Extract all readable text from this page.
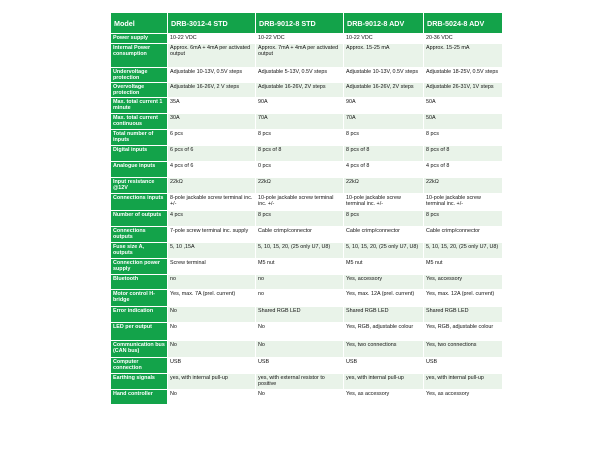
Model	DRB-3012-4 STD	DRB-9012-8 STD	DRB-9012-8 ADV	DRB-5024-8 ADV
Power supply	10-22 VDC	10-22 VDC	10-22 VDC	20-36 VDC
Internal Power consumption	Approx. 6mA + 4mA per activated output	Approx. 7mA + 4mA per activated output	Approx. 15-25 mA	Approx. 15-25 mA
Undervoltage protection	Adjustable 10-13V, 0.5V steps	Adjustable 5-13V, 0.5V steps	Adjustable 10-13V, 0.5V steps	Adjustable 18-25V, 0.5V steps
Overvoltage protection	Adjustable 16-26V, 2 V steps	Adjustable 16-26V, 2V steps	Adjustable 16-26V, 2V steps	Adjustable 26-31V, 1V steps
Max. total current 1 minute	35A	90A	90A	50A
Max. total current continuous	30A	70A	70A	50A
Total number of inputs	6 pcs	8 pcs	8 pcs	8 pcs
Digital inputs	6 pcs of 6	8 pcs of 8	8 pcs of 8	8 pcs of 8
Analogue inputs	4 pcs of 6	0 pcs	4 pcs of 8	4 pcs of 8
Input resistance @12V	22kΩ	22kΩ	22kΩ	22kΩ
Connections inputs	8-pole jackable screw terminal inc. +/-	10-pole jackable screw terminal inc. +/-	10-pole jackable screw terminal inc. +/-	10-pole jackable screw terminal inc. +/-
Number of outputs	4 pcs	8 pcs	8 pcs	8 pcs
Connections outputs	7-pole screw terminal inc. supply	Cable crimp/connector	Cable crimp/connector	Cable crimp/connector
Fuse size A, outputs	5, 10 ,15A	5, 10, 15, 20, (25 only U7, U8)	5, 10, 15, 20, (25 only U7, U8)	5, 10, 15, 20, (25 only U7, U8)
Connection power supply	Screw terminal	M5 nut	M5 nut	M5 nut
Bluetooth	no	no	Yes, accessory	Yes, accessory
Motor control H-bridge	Yes, max. 7A (prel. current)	no	Yes, max. 12A (prel. current)	Yes, max. 12A (prel. current)
Error indication	No	Shared RGB LED	Shared RGB LED	Shared RGB LED
LED per output	No	No	Yes, RGB, adjustable colour	Yes, RGB, adjustable colour
Communication bus (CAN bus)	No	No	Yes, two connections	Yes, two connections
Computer connection	USB	USB	USB	USB
Earthing signals	yes, with internal pull-up	yes, with external resistor to positive	yes, with internal pull-up	yes, with internal pull-up
Hand controller	No	No	Yes, as accessory	Yes, as accessory
